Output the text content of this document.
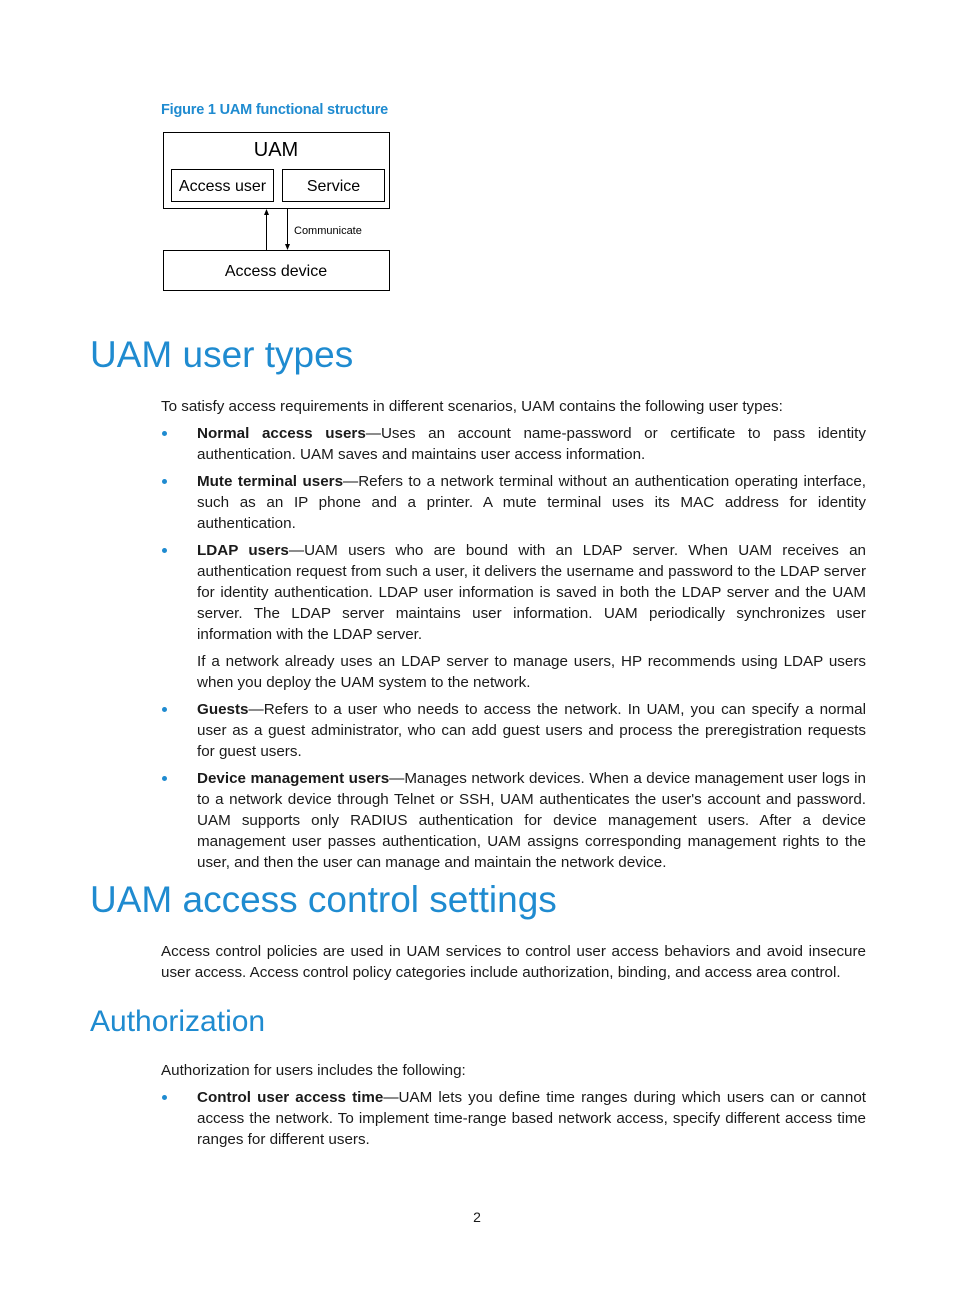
Figure 1 UAM functional structure
UAM
Access user	Service
Communicate
Access device
UAM user types

To satisfy access requirements in different scenarios, UAM contains the following user types:

Normal access users—Uses an account name-password or certificate to pass identity authentication. UAM saves and maintains user access information.
Mute terminal users—Refers to a network terminal without an authentication operating interface, such as an IP phone and a printer. A mute terminal uses its MAC address for identity authentication.
LDAP users—UAM users who are bound with an LDAP server. When UAM receives an authentication request from such a user, it delivers the username and password to the LDAP server for identity authentication. LDAP user information is saved in both the LDAP server and the UAM server. The LDAP server maintains user information. UAM periodically synchronizes user information with the LDAP server.
If a network already uses an LDAP server to manage users, HP recommends using LDAP users when you deploy the UAM system to the network.
Guests—Refers to a user who needs to access the network. In UAM, you can specify a normal user as a guest administrator, who can add guest users and process the preregistration requests for guest users.
Device management users—Manages network devices. When a device management user logs in to a network device through Telnet or SSH, UAM authenticates the user's account and password. UAM supports only RADIUS authentication for device management users. After a device management user passes authentication, UAM assigns corresponding management rights to the user, and then the user can manage and maintain the network device.
UAM access control settings

Access control policies are used in UAM services to control user access behaviors and avoid insecure user access. Access control policy categories include authorization, binding, and access area control.

Authorization

Authorization for users includes the following:

Control user access time—UAM lets you define time ranges during which users can or cannot access the network. To implement time-range based network access, specify different access time ranges for different users.
2
